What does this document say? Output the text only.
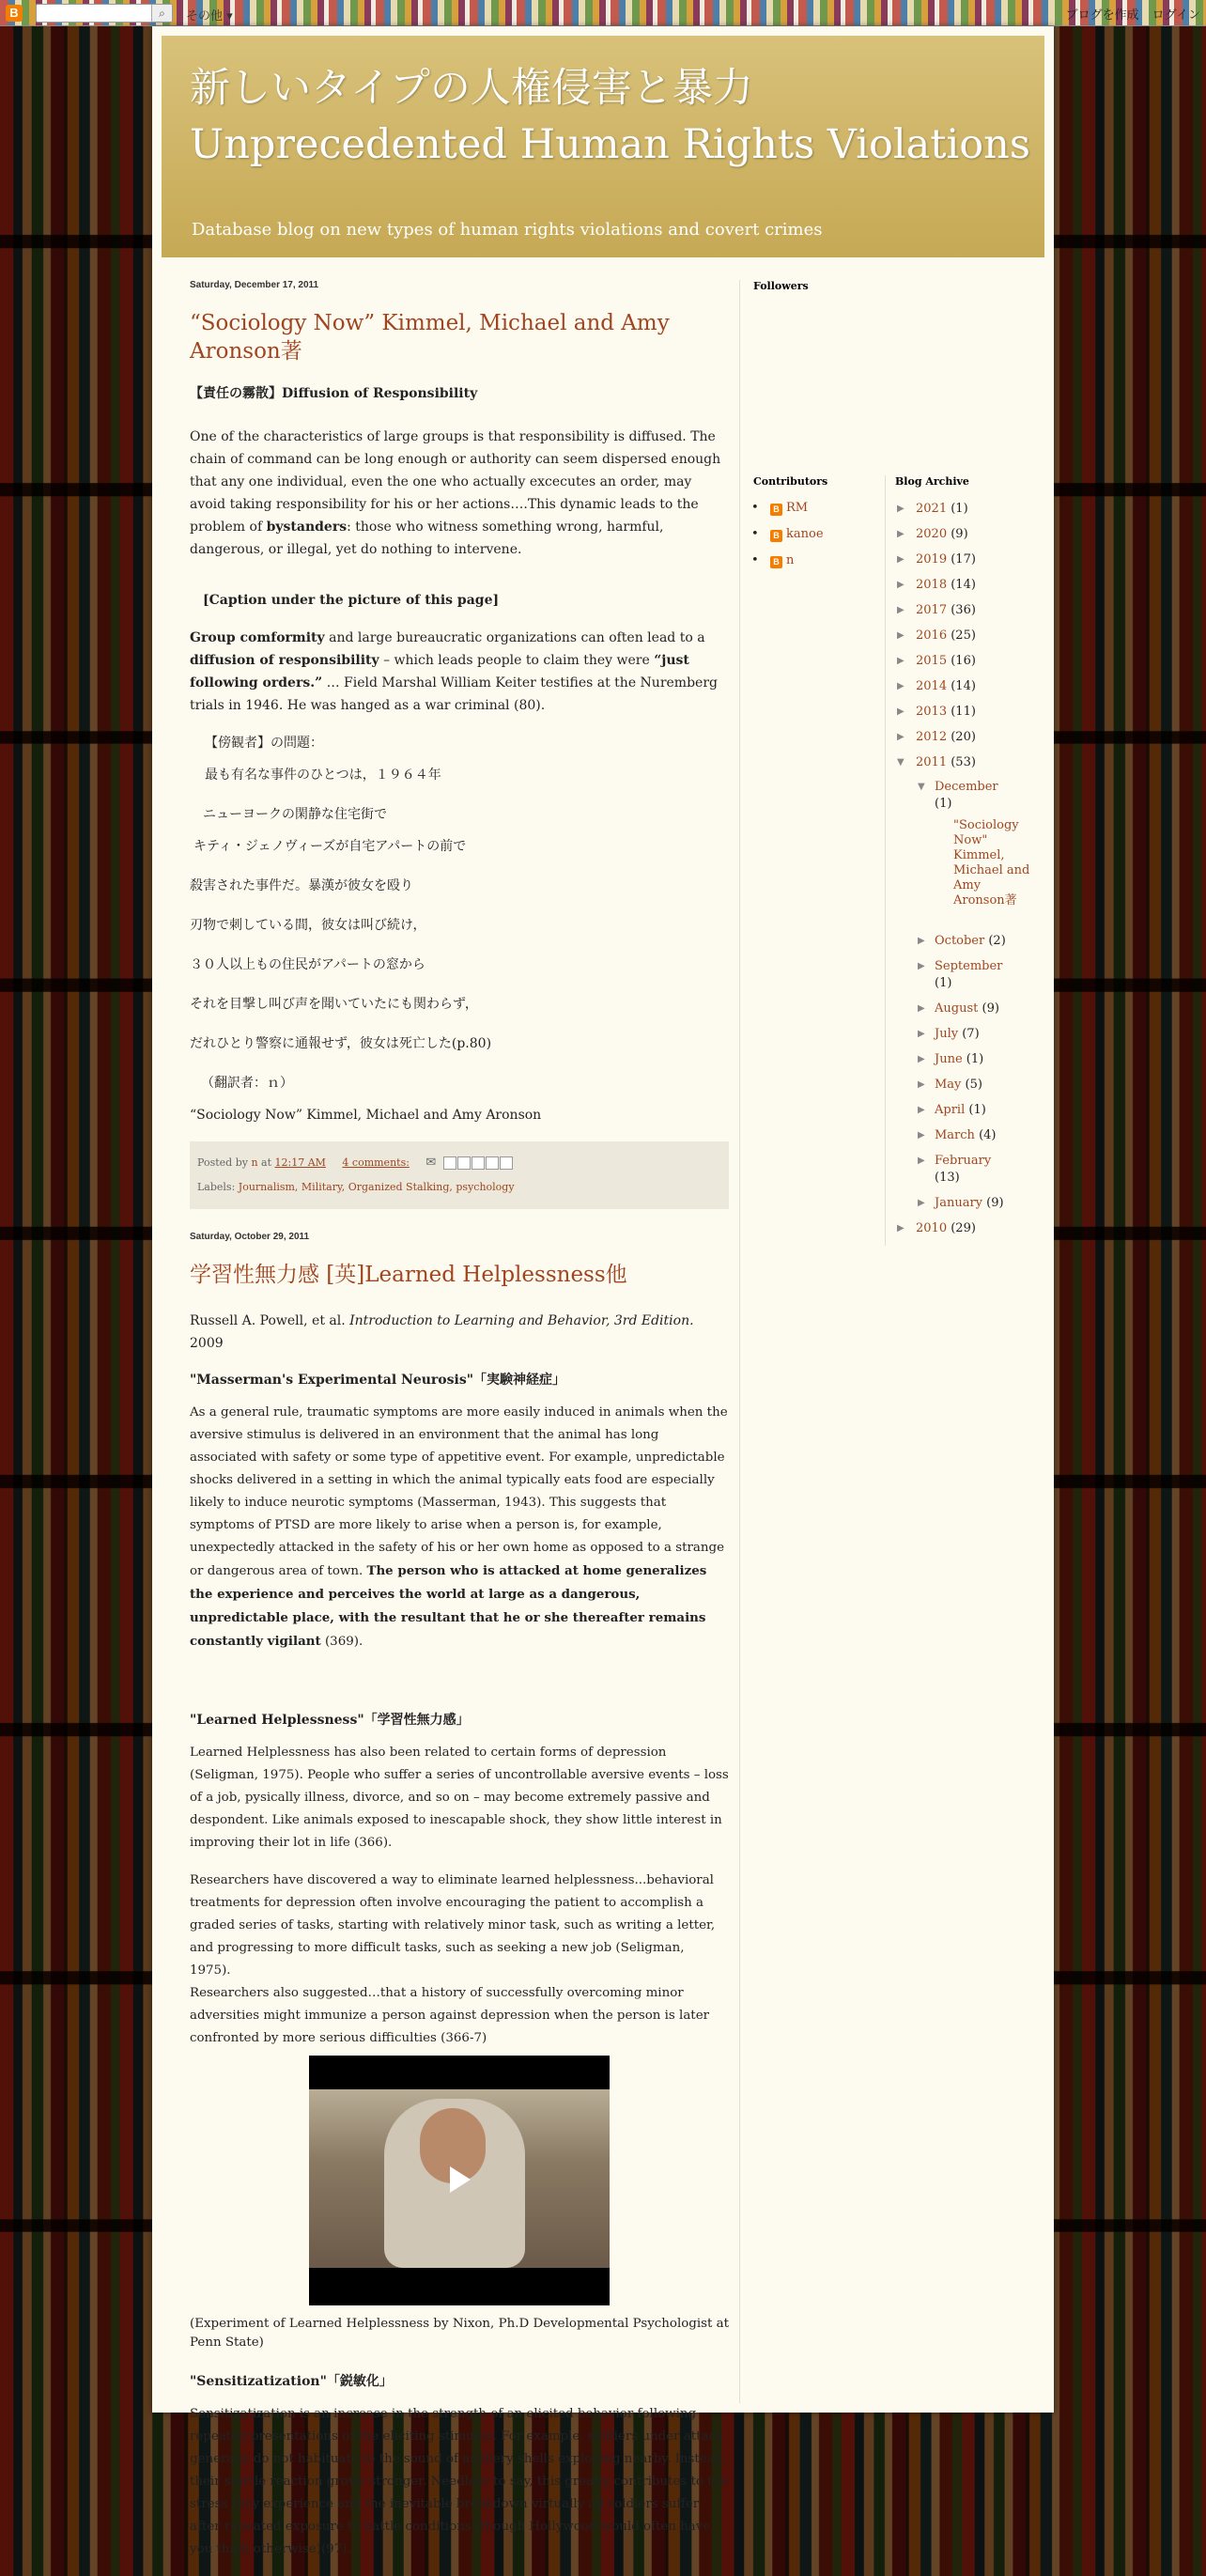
B	⌕	その他 ▾	ブログを作成 ログイン
新しいタイプの人権侵害と暴力
Unprecedented Human Rights Violations
Database blog on new types of human rights violations and covert crimes
Saturday, December 17, 2011
“Sociology Now” Kimmel, Michael and Amy Aronson著

【責任の霧散】Diffusion of Responsibility

One of the characteristics of large groups is that responsibility is diffused. The chain of command can be long enough or authority can seem dispersed enough that any one individual, even the one who actually excecutes an order, may avoid taking responsibility for his or her actions….This dynamic leads to the problem of bystanders: those who witness something wrong, harmful, dangerous, or illegal, yet do nothing to intervene.

[Caption under the picture of this page]

Group comformity and large bureaucratic organizations can often lead to a diffusion of responsibility – which leads people to claim they were “just following orders.” … Field Marshal William Keiter testifies at the Nuremberg trials in 1946. He was hanged as a war criminal (80).

【傍観者】の問題：

最も有名な事件のひとつは，１９６４年

ニューヨークの閑静な住宅街で

キティ・ジェノヴィーズが自宅アパートの前で

殺害された事件だ。暴漢が彼女を殴り

刃物で刺している間，彼女は叫び続け，

３０人以上もの住民がアパートの窓から

それを目撃し叫び声を聞いていたにも関わらず，

だれひとり警察に通報せず，彼女は死亡した(p.80)

（翻訳者：ｎ）

“Sociology Now” Kimmel, Michael and Amy Aronson

Posted by n at 12:17 AM 4 comments: ✉
Labels: Journalism, Military, Organized Stalking, psychology
Saturday, October 29, 2011
学習性無力感 [英]Learned Helplessness他

Russell A. Powell, et al. Introduction to Learning and Behavior, 3rd Edition. 2009

"Masserman's Experimental Neurosis"「実験神経症」

As a general rule, traumatic symptoms are more easily induced in animals when the aversive stimulus is delivered in an environment that the animal has long associated with safety or some type of appetitive event. For example, unpredictable shocks delivered in a setting in which the animal typically eats food are especially likely to induce neurotic symptoms (Masserman, 1943). This suggests that symptoms of PTSD are more likely to arise when a person is, for example, unexpectedly attacked in the safety of his or her own home as opposed to a strange or dangerous area of town. The person who is attacked at home generalizes the experience and perceives the world at large as a dangerous, unpredictable place, with the resultant that he or she thereafter remains constantly vigilant (369).

"Learned Helplessness"「学習性無力感」

Learned Helplessness has also been related to certain forms of depression (Seligman, 1975). People who suffer a series of uncontrollable aversive events – loss of a job, pysically illness, divorce, and so on – may become extremely passive and despondent. Like animals exposed to inescapable shock, they show little interest in improving their lot in life (366).

Researchers have discovered a way to eliminate learned helplessness...behavioral treatments for depression often involve encouraging the patient to accomplish a graded series of tasks, starting with relatively minor task, such as writing a letter, and progressing to more difficult tasks, such as seeking a new job (Seligman, 1975).

Researchers also suggested…that a history of successfully overcoming minor adversities might immunize a person against depression when the person is later confronted by more serious difficulties (366-7)

(Experiment of Learned Helplessness by Nixon, Ph.D Developmental Psychologist at Penn State)

"Sensitizatization"「鋭敏化」

Sensitizatization is an increase in the strength of an elicited behavior following repeated presentations of the eliciting stimulus. For example, soldiers under attack generally do not habituate to the sound of artillery shells exploding nearby. Instead, their startle reaction grows stronger. Needless to say, this greatly contributes to the stress they experience and the inevitable breakdown virtually all soldiers suffer after repeated exposure to battle conditions (though Hollywood would often have you think otherwise)(97).

Followers
Contributors
• B RM
• B kanoe
• B n
Blog Archive
▶ 2021 (1)
▶ 2020 (9)
▶ 2019 (17)
▶ 2018 (14)
▶ 2017 (36)
▶ 2016 (25)
▶ 2015 (16)
▶ 2014 (14)
▶ 2013 (11)
▶ 2012 (20)
▼ 2011 (53)
▼ December
(1)
"Sociology Now" Kimmel, Michael and Amy Aronson著
▶ October (2)
▶ September
(1)
▶ August (9)
▶ July (7)
▶ June (1)
▶ May (5)
▶ April (1)
▶ March (4)
▶ February
(13)
▶ January (9)
▶ 2010 (29)
